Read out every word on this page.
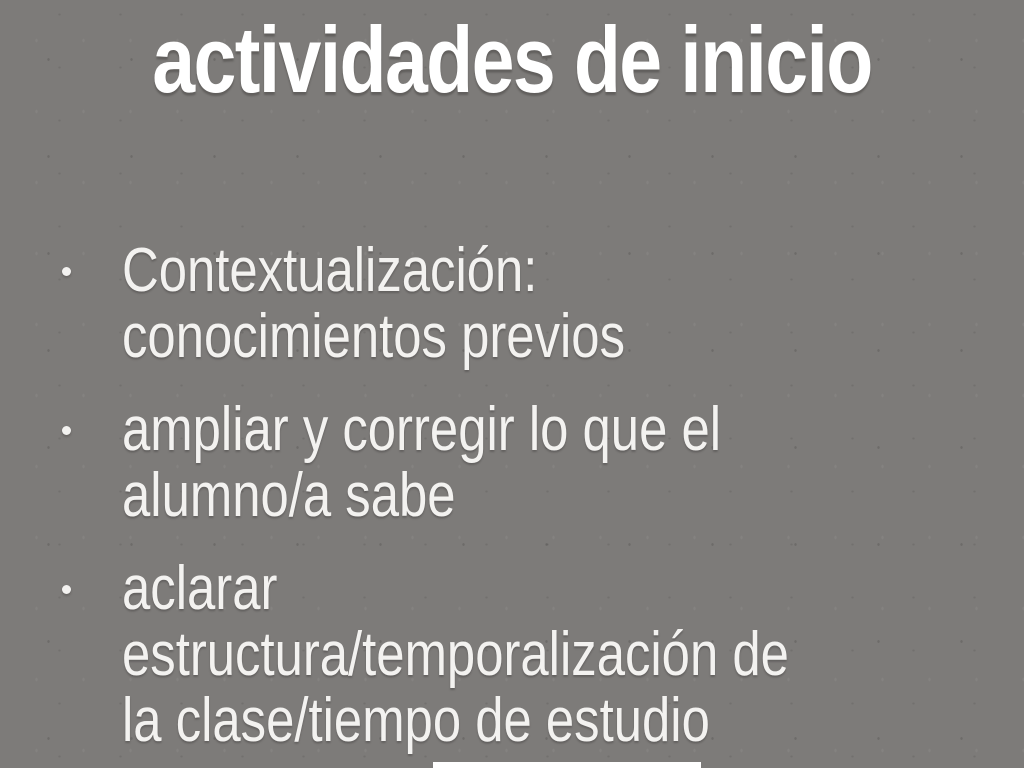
actividades de inicio
Contextualización:
conocimientos previos
ampliar y corregir lo que el
alumno/a sabe
aclarar
estructura/temporalización de
la clase/tiempo de estudio
